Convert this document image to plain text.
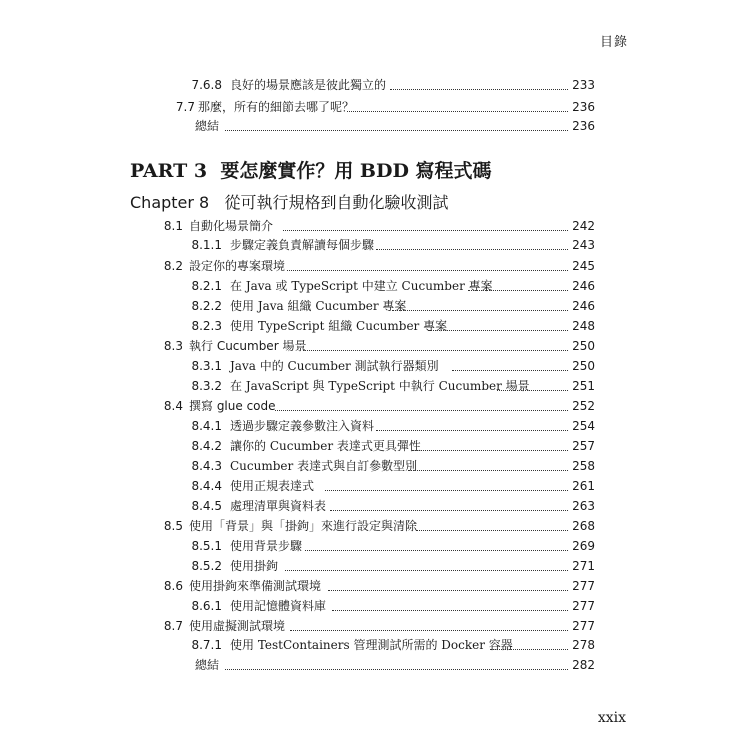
目錄
7.6.8 良好的場景應該是彼此獨立的	233
7.7 那麼，所有的細節去哪了呢？	236
總結	236
PART 3 要怎麼實作？用 BDD 寫程式碼
Chapter 8 從可執行規格到自動化驗收測試
8.1 自動化場景簡介	242
8.1.1 步驟定義負責解讀每個步驟	243
8.2 設定你的專案環境	245
8.2.1 在 Java 或 TypeScript 中建立 Cucumber 專案	246
8.2.2 使用 Java 組織 Cucumber 專案	246
8.2.3 使用 TypeScript 組織 Cucumber 專案	248
8.3 執行 Cucumber 場景	250
8.3.1 Java 中的 Cucumber 測試執行器類別	250
8.3.2 在 JavaScript 與 TypeScript 中執行 Cucumber 場景	251
8.4 撰寫 glue code	252
8.4.1 透過步驟定義參數注入資料	254
8.4.2 讓你的 Cucumber 表達式更具彈性	257
8.4.3 Cucumber 表達式與自訂參數型別	258
8.4.4 使用正規表達式	261
8.4.5 處理清單與資料表	263
8.5 使用「背景」與「掛鉤」來進行設定與清除	268
8.5.1 使用背景步驟	269
8.5.2 使用掛鉤	271
8.6 使用掛鉤來準備測試環境	277
8.6.1 使用記憶體資料庫	277
8.7 使用虛擬測試環境	277
8.7.1 使用 TestContainers 管理測試所需的 Docker 容器	278
總結	282
xxix
